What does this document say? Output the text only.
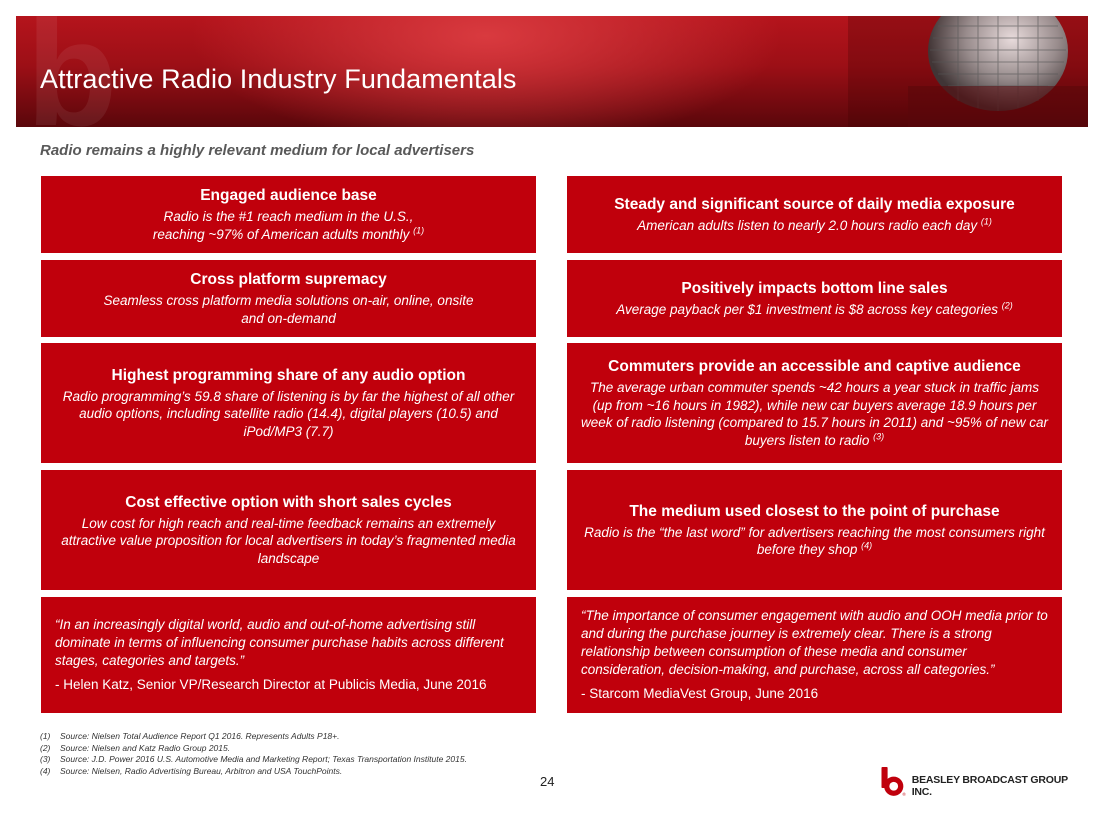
b
Attractive Radio Industry Fundamentals
Radio remains a highly relevant medium for local advertisers
Engaged audience base
Radio is the #1 reach medium in the U.S.,
reaching ~97% of American adults monthly $^{(1)}$
Cross platform supremacy
Seamless cross platform media solutions on-air, online, onsite
and on-demand
Highest programming share of any audio option
Radio programming’s 59.8 share of listening is by far the highest of all other audio options, including satellite radio (14.4), digital players (10.5) and iPod/MP3 (7.7)
Cost effective option with short sales cycles
Low cost for high reach and real-time feedback remains an extremely attractive value proposition for local advertisers in today’s fragmented media landscape
Steady and significant source of daily media exposure
American adults listen to nearly 2.0 hours radio each day $^{(1)}$
Positively impacts bottom line sales
Average payback per $1 investment is $8 across key categories $^{(2)}$
Commuters provide an accessible and captive audience
The average urban commuter spends ~42 hours a year stuck in traffic jams (up from ~16 hours in 1982), while new car buyers average 18.9 hours per week of radio listening (compared to 15.7 hours in 2011) and ~95% of new car buyers listen to radio $^{(3)}$
The medium used closest to the point of purchase
Radio is the “the last word” for advertisers reaching the most consumers right before they shop $^{(4)}$
“In an increasingly digital world, audio and out-of-home advertising still dominate in terms of influencing consumer purchase habits across different stages, categories and targets.”
- Helen Katz, Senior VP/Research Director at Publicis Media, June 2016
“The importance of consumer engagement with audio and OOH media prior to and during the purchase journey is extremely clear. There is a strong relationship between consumption of these media and consumer consideration, decision-making, and purchase, across all categories.”
- Starcom MediaVest Group, June 2016
(1)	Source: Nielsen Total Audience Report Q1 2016. Represents Adults P18+.
(2)	Source: Nielsen and Katz Radio Group 2015.
(3)	Source: J.D. Power 2016 U.S. Automotive Media and Marketing Report; Texas Transportation Institute 2015.
(4)	Source: Nielsen, Radio Advertising Bureau, Arbitron and USA TouchPoints.
24
®
BEASLEY BROADCAST GROUP INC.
